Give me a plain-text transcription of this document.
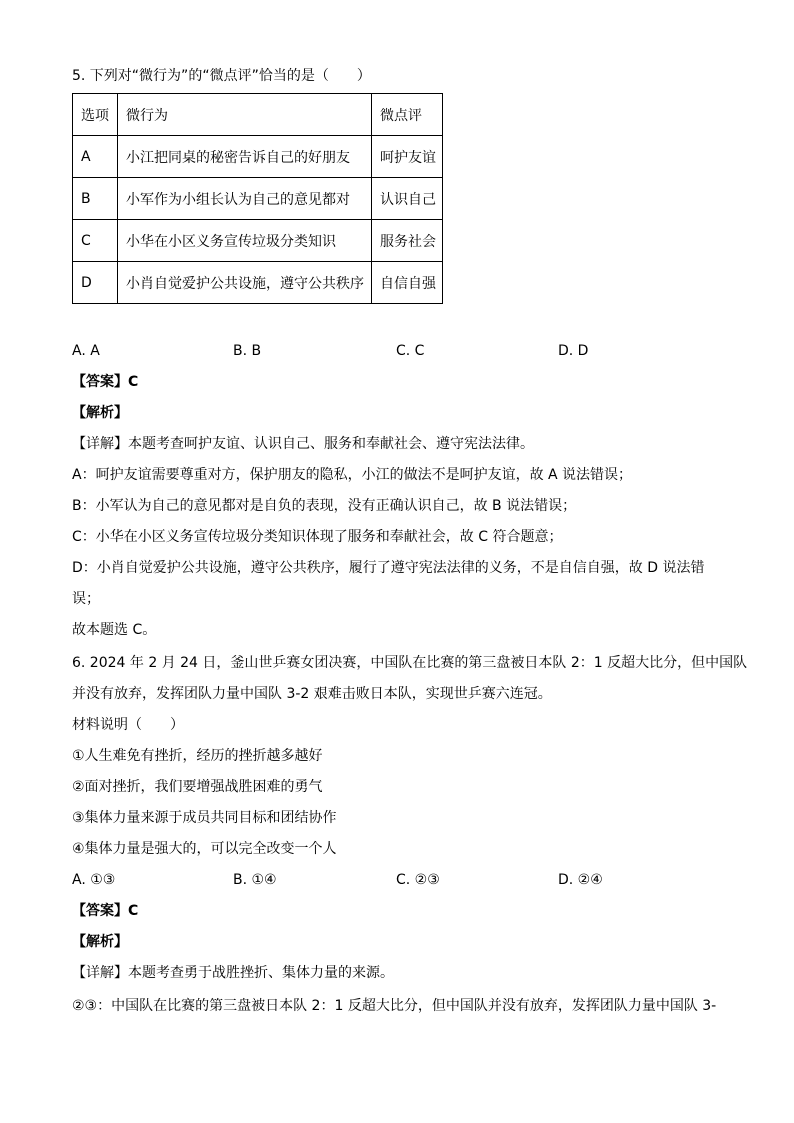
5. 下列对“微行为”的“微点评”恰当的是（　　）
选项	微行为	微点评
A	小江把同桌的秘密告诉自己的好朋友	呵护友谊
B	小军作为小组长认为自己的意见都对	认识自己
C	小华在小区义务宣传垃圾分类知识	服务社会
D	小肖自觉爱护公共设施，遵守公共秩序	自信自强
A. A	B. B	C. C	D. D
【答案】C
【解析】
【详解】本题考查呵护友谊、认识自己、服务和奉献社会、遵守宪法法律。
A：呵护友谊需要尊重对方，保护朋友的隐私，小江的做法不是呵护友谊，故 A 说法错误；
B：小军认为自己的意见都对是自负的表现，没有正确认识自己，故 B 说法错误；
C：小华在小区义务宣传垃圾分类知识体现了服务和奉献社会，故 C 符合题意；
D：小肖自觉爱护公共设施，遵守公共秩序，履行了遵守宪法法律的义务，不是自信自强，故 D 说法错
误；
故本题选 C。
6. 2024 年 2 月 24 日，釜山世乒赛女团决赛，中国队在比赛的第三盘被日本队 2：1 反超大比分，但中国队
并没有放弃，发挥团队力量中国队 3-2 艰难击败日本队，实现世乒赛六连冠。
材料说明（　　）
①人生难免有挫折，经历的挫折越多越好
②面对挫折，我们要增强战胜困难的勇气
③集体力量来源于成员共同目标和团结协作
④集体力量是强大的，可以完全改变一个人
A. ①③	B. ①④	C. ②③	D. ②④
【答案】C
【解析】
【详解】本题考查勇于战胜挫折、集体力量的来源。
②③：中国队在比赛的第三盘被日本队 2：1 反超大比分，但中国队并没有放弃，发挥团队力量中国队 3-
